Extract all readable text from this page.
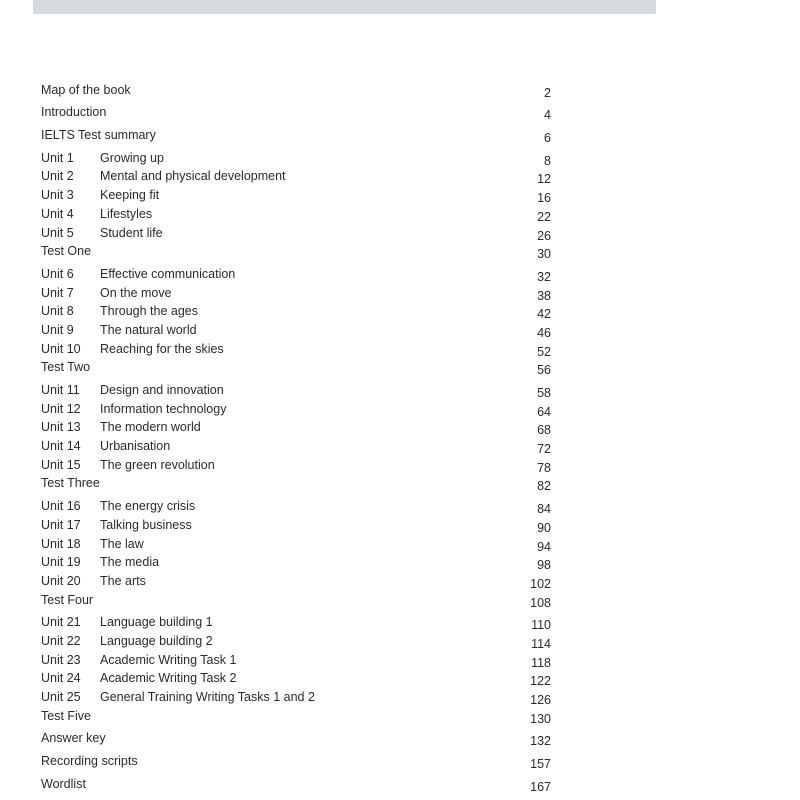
Map of the book	2
Introduction	4
IELTS Test summary	6
Unit 1	Growing up	8
Unit 2	Mental and physical development	12
Unit 3	Keeping fit	16
Unit 4	Lifestyles	22
Unit 5	Student life	26
Test One	30
Unit 6	Effective communication	32
Unit 7	On the move	38
Unit 8	Through the ages	42
Unit 9	The natural world	46
Unit 10	Reaching for the skies	52
Test Two	56
Unit 11	Design and innovation	58
Unit 12	Information technology	64
Unit 13	The modern world	68
Unit 14	Urbanisation	72
Unit 15	The green revolution	78
Test Three	82
Unit 16	The energy crisis	84
Unit 17	Talking business	90
Unit 18	The law	94
Unit 19	The media	98
Unit 20	The arts	102
Test Four	108
Unit 21	Language building 1	110
Unit 22	Language building 2	114
Unit 23	Academic Writing Task 1	118
Unit 24	Academic Writing Task 2	122
Unit 25	General Training Writing Tasks 1 and 2	126
Test Five	130
Answer key	132
Recording scripts	157
Wordlist	167
